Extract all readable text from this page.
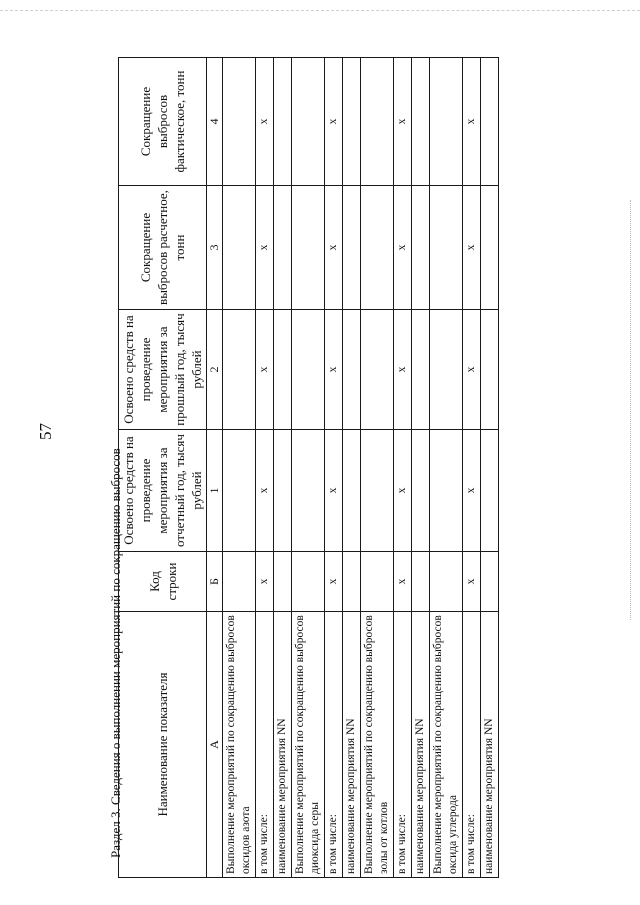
57
Раздел 3. Сведения о выполнении мероприятий по сокращению выбросов Наименование показателя	Код строки	Освоено средств на проведение мероприятия за отчетный год, тысяч рублей	Освоено средств на проведение мероприятия за прошлый год, тысяч рублей	Сокращение выбросов расчетное, тонн	Сокращение выбросов фактическое, тонн
А	Б	1	2	3	4
Выполнение мероприятий по сокращению выбросов оксидов азота					
в том числе:	х	х	х	х	х
наименование мероприятия NN					
Выполнение мероприятий по сокращению выбросов диоксида серы					
в том числе:	х	х	х	х	х
наименование мероприятия NN					
Выполнение мероприятий по сокращению выбросов золы от котлов					
в том числе:	х	х	х	х	х
наименование мероприятия NN					
Выполнение мероприятий по сокращению выбросов оксида углерода					
в том числе:	х	х	х	х	х
наименование мероприятия NN					
